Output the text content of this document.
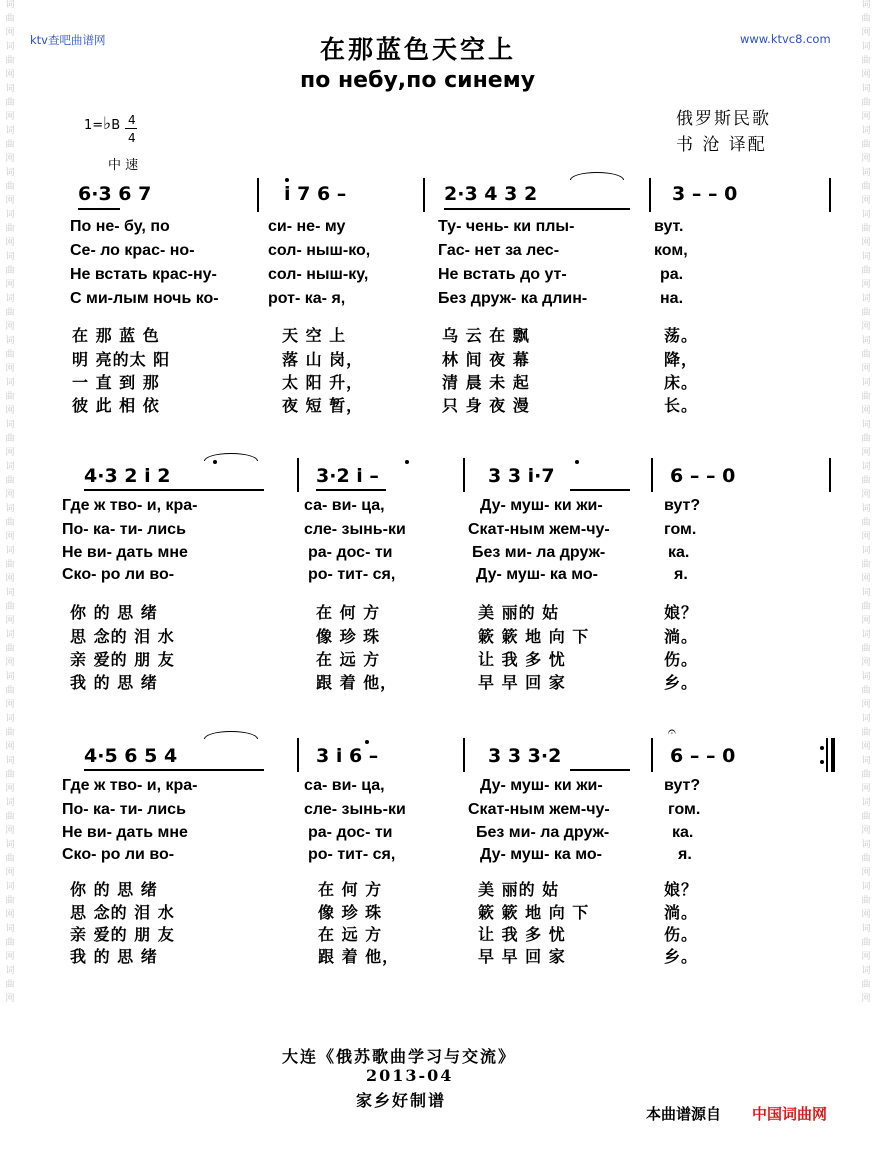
词
曲
网
词
曲
网
词
曲
网
词
曲
网
词
曲
网
词
曲
网
词
曲
网
词
曲
网
词
曲
网
词
曲
网
词
曲
网
词
曲
网
词
曲
网
词
曲
网
词
曲
网
词
曲
网
词
曲
网
词
曲
网
词
曲
网
词
曲
网
词
曲
网
词
曲
网
词
曲
网
词
曲
网
词
曲
网
词
曲
网
词
曲
网
词
曲
网
词
曲
网
词
曲
网
词
曲
网
词
曲
网
词
曲
网
词
曲
网
词
曲
网
词
曲
网
词
曲
网
词
曲
网
词
曲
网
词
曲
网
词
曲
网
词
曲
网
词
曲
网
词
曲
网
词
曲
网
词
曲
网
词
曲
网
词
曲
网
ktv查吧曲谱网	www.ktvc8.com
在那蓝色天空上
по небу,по синему
俄罗斯民歌
书 沧 译配
1=♭B 4
4
中 速
6·3 6 7	i 7 6 –	2·3 4 3 2	3 – – 0
По не- бу, по	си- не- му	Ту- чень- ки плы-	вут.
Се- ло крас- но-	сол- ныш-ко,	Гас- нет за лес-	ком,
Не встать крас-ну-	сол- ныш-ку,	Не встать до ут-	ра.
С ми-лым ночь ко-	рот- ка- я,	Без друж- ка длин-	на.
在 那 蓝 色	天 空 上	乌 云 在 飘	荡。
明 亮的太 阳	落 山 岗，	林 间 夜 幕	降，
一 直 到 那	太 阳 升，	清 晨 未 起	床。
彼 此 相 依	夜 短 暂，	只 身 夜 漫	长。
4·3 2 i 2	3·2 i –	3 3 i·7	6 – – 0
Где ж тво- и, кра-	са- ви- ца,	Ду- муш- ки жи-	вут?
По- ка- ти- лись	сле- зынь-ки	Скат-ным жем-чу-	гом.
Не ви- дать мне	ра- дос- ти	Без ми- ла друж-	ка.
Ско- ро ли во-	ро- тит- ся,	Ду- муш- ка мо-	я.
你 的 思 绪	在 何 方	美 丽的 姑	娘？
思 念的 泪 水	像 珍 珠	簌 簌 地 向 下	淌。
亲 爱的 朋 友	在 远 方	让 我 多 忧	伤。
我 的 思 绪	跟 着 他，	早 早 回 家	乡。
4·5 6 5 4	3 i 6 –	3 3 3·2	6 – – 0
𝄐
Где ж тво- и, кра-	са- ви- ца,	Ду- муш- ки жи-	вут?
По- ка- ти- лись	сле- зынь-ки	Скат-ным жем-чу-	гом.
Не ви- дать мне	ра- дос- ти	Без ми- ла друж-	ка.
Ско- ро ли во-	ро- тит- ся,	Ду- муш- ка мо-	я.
你 的 思 绪	在 何 方	美 丽的 姑	娘？
思 念的 泪 水	像 珍 珠	簌 簌 地 向 下	淌。
亲 爱的 朋 友	在 远 方	让 我 多 忧	伤。
我 的 思 绪	跟 着 他，	早 早 回 家	乡。
大连《俄苏歌曲学习与交流》
2013-04
家乡好制谱
本曲谱源自 中国词曲网
